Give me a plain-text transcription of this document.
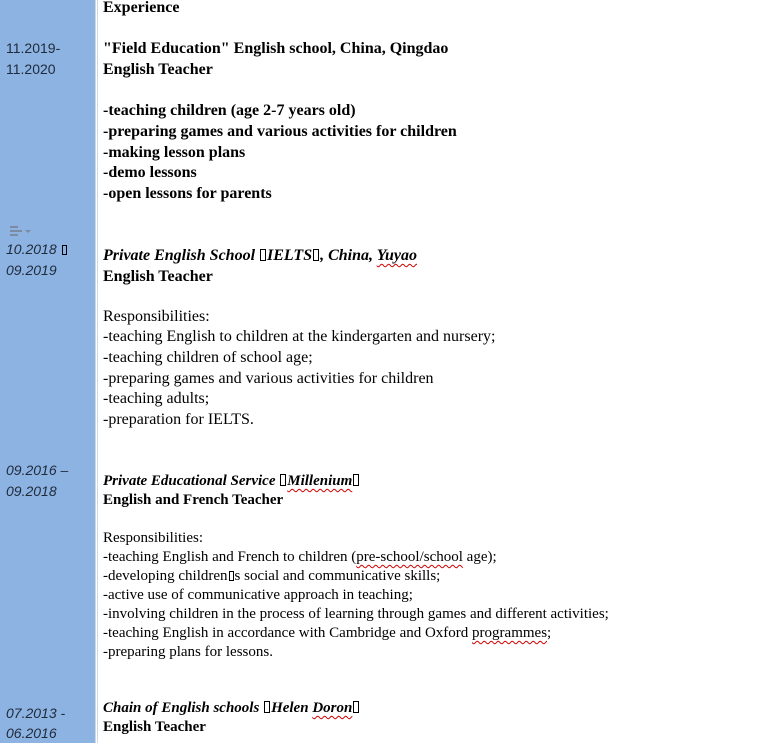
Experience
11.2019-
11.2020
"Field Education" English school, China, Qingdao
English Teacher
-teaching children (age 2-7 years old)
-preparing games and various activities for children
-making lesson plans
-demo lessons
-open lessons for parents
10.2018
09.2019
Private English School IELTS , China, Yuyao
English Teacher
Responsibilities:
-teaching English to children at the kindergarten and nursery;
-teaching children of school age;
-preparing games and various activities for children
-teaching adults;
-preparation for IELTS.
09.2016 –
09.2018
Private Educational Service Millenium
English and French Teacher
Responsibilities:
-teaching English and French to children (pre-school/school age);
-developing children s social and communicative skills;
-active use of communicative approach in teaching;
-involving children in the process of learning through games and different activities;
-teaching English in accordance with Cambridge and Oxford programmes;
-preparing plans for lessons.
07.2013 -
06.2016
Chain of English schools Helen Doron
English Teacher
